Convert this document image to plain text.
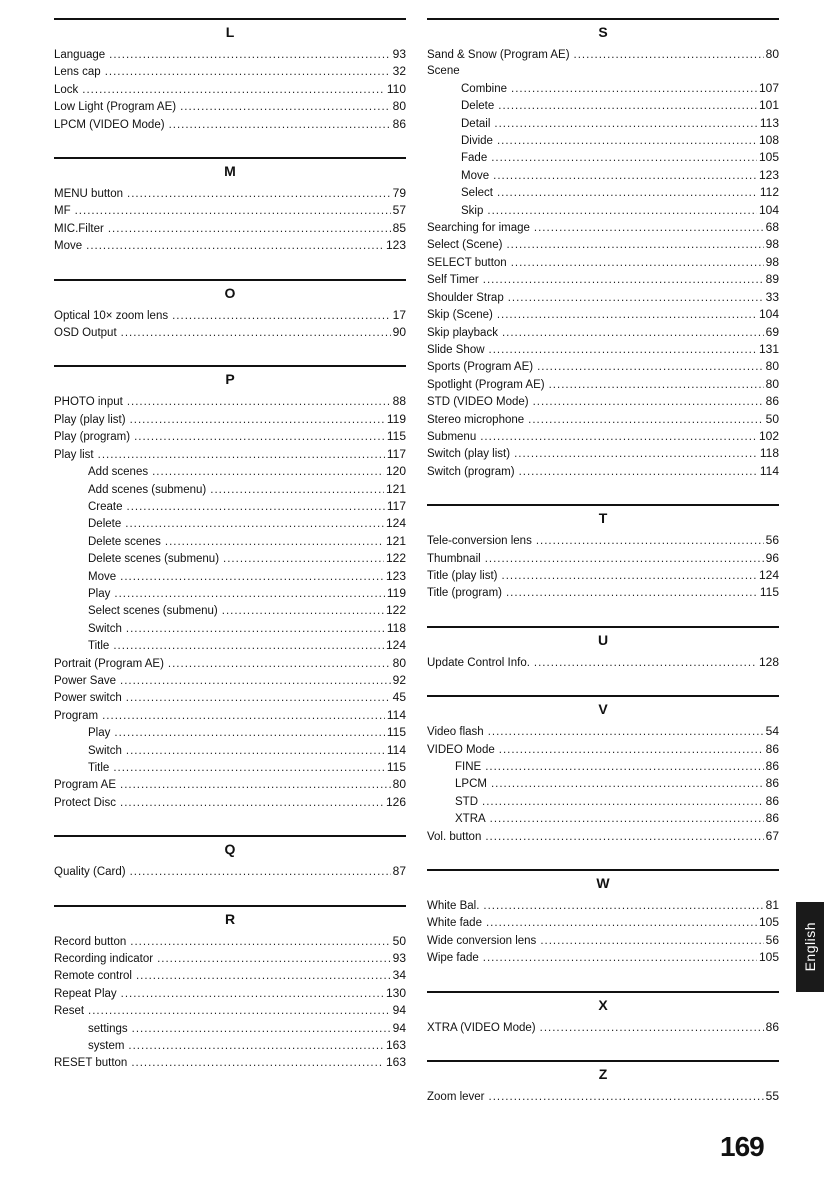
L
Language .....	93
Lens cap .....	32
Lock .....	110
Low Light (Program AE) .....	80
LPCM (VIDEO Mode) .....	86
M
MENU button .....	79
MF .....	57
MIC.Filter .....	85
Move .....	123
O
Optical 10× zoom lens .....	17
OSD Output .....	90
P
PHOTO input .....	88
Play (play list) .....	119
Play (program) .....	115
Play list .....	117
Add scenes .....	120
Add scenes (submenu) .....	121
Create .....	117
Delete .....	124
Delete scenes .....	121
Delete scenes (submenu) .....	122
Move .....	123
Play .....	119
Select scenes (submenu) .....	122
Switch .....	118
Title .....	124
Portrait (Program AE) .....	80
Power Save .....	92
Power switch .....	45
Program .....	114
Play .....	115
Switch .....	114
Title .....	115
Program AE .....	80
Protect Disc .....	126
Q
Quality (Card) .....	87
R
Record button .....	50
Recording indicator .....	93
Remote control .....	34
Repeat Play .....	130
Reset .....	94
settings .....	94
system .....	163
RESET button .....	163
S
Sand & Snow (Program AE) .....	80
Scene
Combine .....	107
Delete .....	101
Detail .....	113
Divide .....	108
Fade .....	105
Move .....	123
Select .....	112
Skip .....	104
Searching for image .....	68
Select (Scene) .....	98
SELECT button .....	98
Self Timer .....	89
Shoulder Strap .....	33
Skip (Scene) .....	104
Skip playback .....	69
Slide Show .....	131
Sports (Program AE) .....	80
Spotlight (Program AE) .....	80
STD (VIDEO Mode) .....	86
Stereo microphone .....	50
Submenu .....	102
Switch (play list) .....	118
Switch (program) .....	114
T
Tele-conversion lens .....	56
Thumbnail .....	96
Title (play list) .....	124
Title (program) .....	115
U
Update Control Info. .....	128
V
Video flash .....	54
VIDEO Mode .....	86
FINE .....	86
LPCM .....	86
STD .....	86
XTRA .....	86
Vol. button .....	67
W
White Bal. .....	81
White fade .....	105
Wide conversion lens .....	56
Wipe fade .....	105
X
XTRA (VIDEO Mode) .....	86
Z
Zoom lever .....	55
English
169
